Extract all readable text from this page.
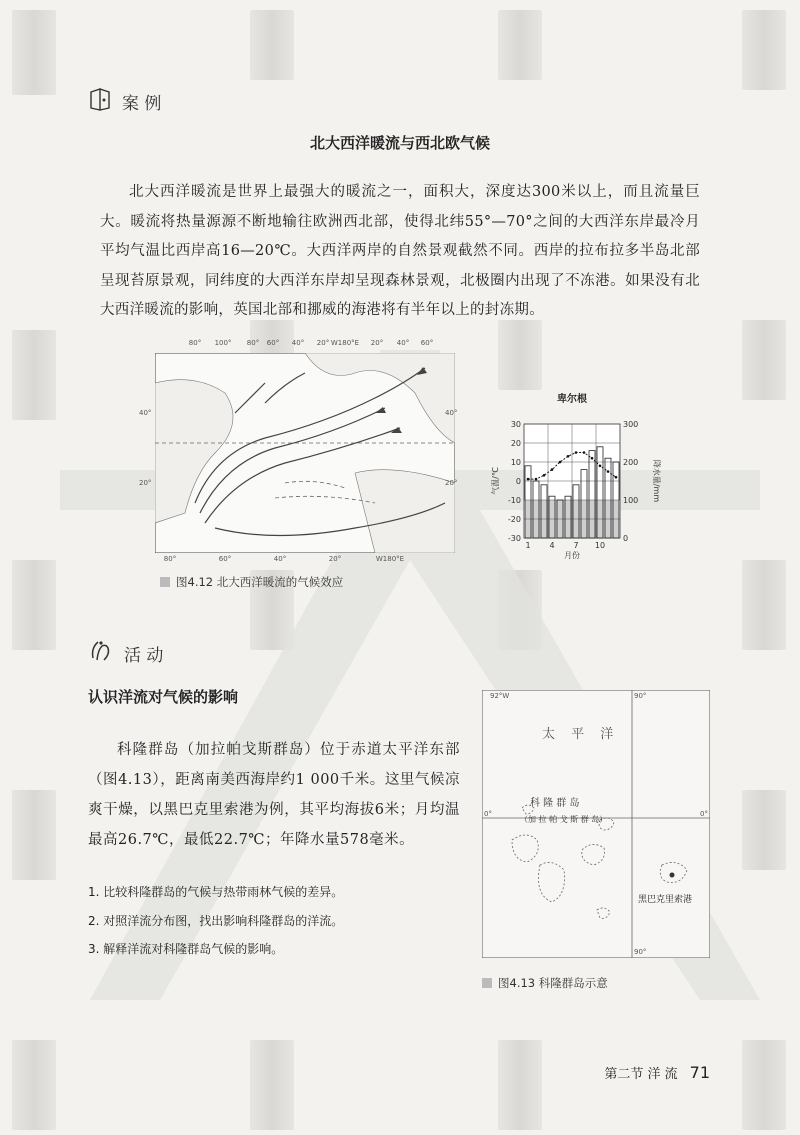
案 例
北大西洋暖流与西北欧气候
北大西洋暖流是世界上最强大的暖流之一，面积大，深度达300米以上，而且流量巨大。暖流将热量源源不断地输往欧洲西北部，使得北纬55°—70°之间的大西洋东岸最冷月平均气温比西岸高16—20℃。大西洋两岸的自然景观截然不同。西岸的拉布拉多半岛北部呈现苔原景观，同纬度的大西洋东岸却呈现森林景观，北极圈内出现了不冻港。如果没有北大西洋暖流的影响，英国北部和挪威的海港将有半年以上的封冻期。
80° 100° 80° 60° 40° 20° W180°E 20° 40° 60°
80°	60°	40°	20°	W180°E
40°
20°
40°
20°
图4.12 北大西洋暖流的气候效应
卑尔根
30
20
10
0
-10
-20
-30
300
200
100
0
1 4 7 10
月份
气温/℃	降水量/mm
活 动
认识洋流对气候的影响
科隆群岛（加拉帕戈斯群岛）位于赤道太平洋东部（图4.13），距离南美西海岸约1 000千米。这里气候凉爽干燥，以黑巴克里索港为例，其平均海拔6米；月均温最高26.7℃，最低22.7℃；年降水量578毫米。
1. 比较科隆群岛的气候与热带雨林气候的差异。
2. 对照洋流分布图，找出影响科隆群岛的洋流。
3. 解释洋流对科隆群岛气候的影响。
92°W	90°
0°	0°
90°
太 平 洋
科 隆 群 岛
（加 拉 帕 戈 斯 群 岛）
黑巴克里索港
图4.13 科隆群岛示意
第二节 洋 流 71
